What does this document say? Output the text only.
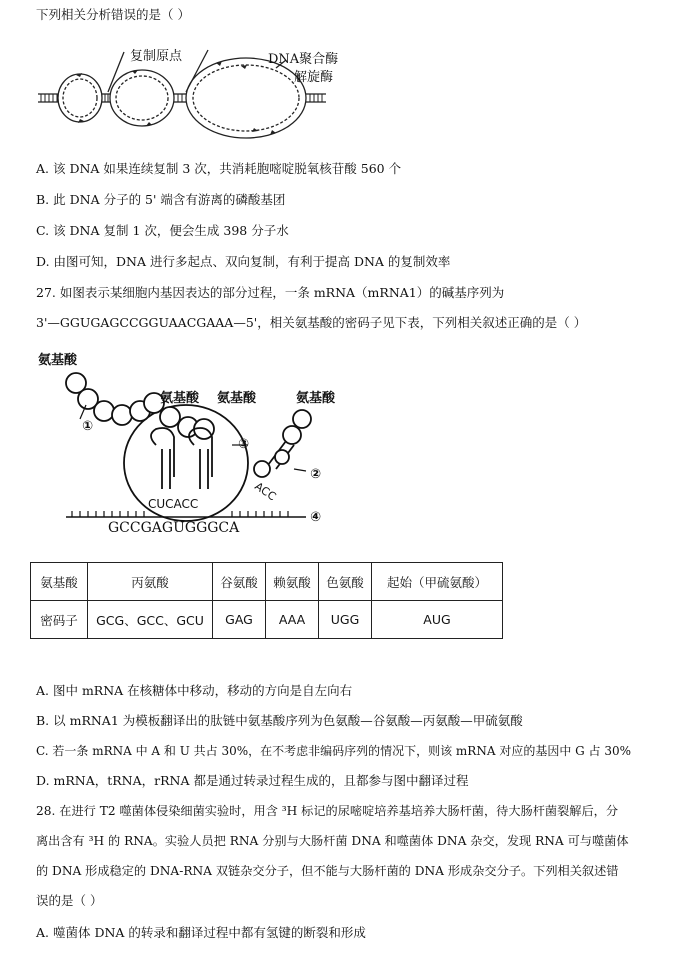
下列相关分析错误的是（ ）
复制原点	DNA聚合酶
解旋酶
A. 该 DNA 如果连续复制 3 次，共消耗胞嘧啶脱氧核苷酸 560 个
B. 此 DNA 分子的 5' 端含有游离的磷酸基团
C. 该 DNA 复制 1 次，便会生成 398 分子水
D. 由图可知，DNA 进行多起点、双向复制，有利于提高 DNA 的复制效率
27. 如图表示某细胞内基因表达的部分过程，一条 mRNA（mRNA1）的碱基序列为
3'—GGUGAGCCGGUAACGAAA—5'，相关氨基酸的密码子见下表，下列相关叙述正确的是（ ）
氨基酸
氨基酸 氨基酸	氨基酸
①
③
②
④
CUCACC
ACC
GCCGAGUGGGCA
氨基酸	丙氨酸	谷氨酸	赖氨酸	色氨酸	起始（甲硫氨酸）
密码子	GCG、GCC、GCU	GAG	AAA	UGG	AUG
A. 图中 mRNA 在核糖体中移动，移动的方向是自左向右
B. 以 mRNA1 为模板翻译出的肽链中氨基酸序列为色氨酸—谷氨酸—丙氨酸—甲硫氨酸
C. 若一条 mRNA 中 A 和 U 共占 30%，在不考虑非编码序列的情况下，则该 mRNA 对应的基因中 G 占 30%
D. mRNA，tRNA，rRNA 都是通过转录过程生成的，且都参与图中翻译过程
28. 在进行 T2 噬菌体侵染细菌实验时，用含 ³H 标记的尿嘧啶培养基培养大肠杆菌，待大肠杆菌裂解后，分
离出含有 ³H 的 RNA。实验人员把 RNA 分别与大肠杆菌 DNA 和噬菌体 DNA 杂交，发现 RNA 可与噬菌体
的 DNA 形成稳定的 DNA-RNA 双链杂交分子，但不能与大肠杆菌的 DNA 形成杂交分子。下列相关叙述错
误的是（ ）
A. 噬菌体 DNA 的转录和翻译过程中都有氢键的断裂和形成
